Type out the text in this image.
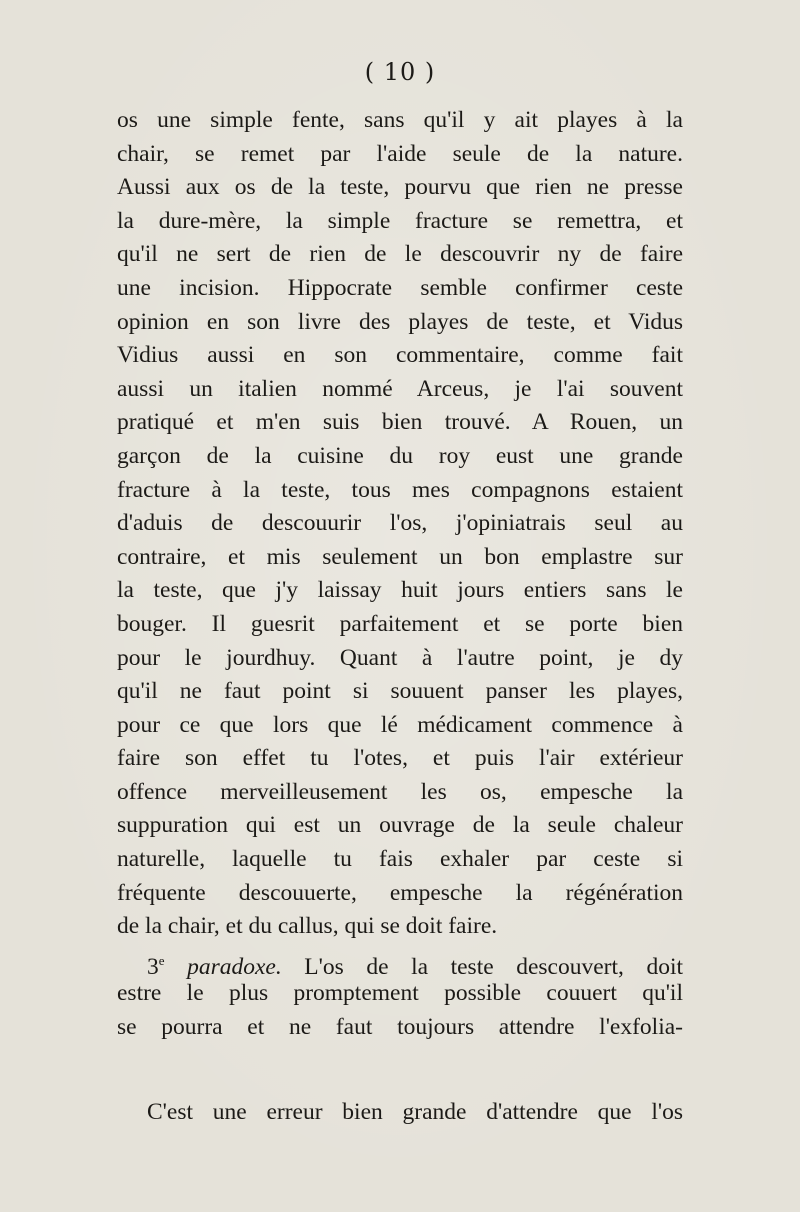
( 10 )
os une simple fente, sans qu'il y ait playes à la
chair, se remet par l'aide seule de la nature.
Aussi aux os de la teste, pourvu que rien ne presse
la dure-mère, la simple fracture se remettra, et
qu'il ne sert de rien de le descouvrir ny de faire
une incision. Hippocrate semble confirmer ceste
opinion en son livre des playes de teste, et Vidus
Vidius aussi en son commentaire, comme fait
aussi un italien nommé Arceus, je l'ai souvent
pratiqué et m'en suis bien trouvé. A Rouen, un
garçon de la cuisine du roy eust une grande
fracture à la teste, tous mes compagnons estaient
d'aduis de descouurir l'os, j'opiniatrais seul au
contraire, et mis seulement un bon emplastre sur
la teste, que j'y laissay huit jours entiers sans le
bouger. Il guesrit parfaitement et se porte bien
pour le jourdhuy. Quant à l'autre point, je dy
qu'il ne faut point si souuent panser les playes,
pour ce que lors que lé médicament commence à
faire son effet tu l'otes, et puis l'air extérieur
offence merveilleusement les os, empesche la
suppuration qui est un ouvrage de la seule chaleur
naturelle, laquelle tu fais exhaler par ceste si
fréquente descouuerte, empesche la régénération
de la chair, et du callus, qui se doit faire.
3e paradoxe. L'os de la teste descouvert, doit
estre le plus promptement possible couuert qu'il
se pourra et ne faut toujours attendre l'exfolia-
C'est une erreur bien grande d'attendre que l'os
